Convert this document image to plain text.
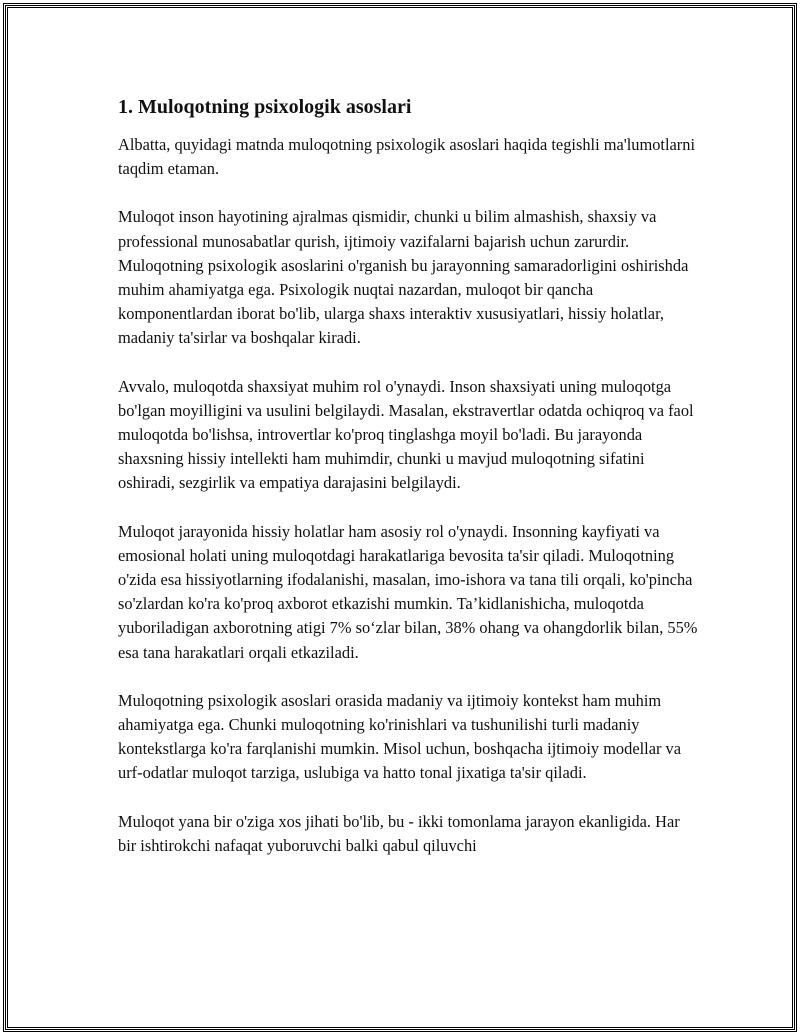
1. Muloqotning psixologik asoslari

Albatta, quyidagi matnda muloqotning psixologik asoslari haqida tegishli ma'lumotlarni taqdim etaman.

Muloqot inson hayotining ajralmas qismidir, chunki u bilim almashish, shaxsiy va professional munosabatlar qurish, ijtimoiy vazifalarni bajarish uchun zarurdir. Muloqotning psixologik asoslarini o'rganish bu jarayonning samaradorligini oshirishda muhim ahamiyatga ega. Psixologik nuqtai nazardan, muloqot bir qancha komponentlardan iborat bo'lib, ularga shaxs interaktiv xususiyatlari, hissiy holatlar, madaniy ta'sirlar va boshqalar kiradi.

Avvalo, muloqotda shaxsiyat muhim rol o'ynaydi. Inson shaxsiyati uning muloqotga bo'lgan moyilligini va usulini belgilaydi. Masalan, ekstravertlar odatda ochiqroq va faol muloqotda bo'lishsa, introvertlar ko'proq tinglashga moyil bo'ladi. Bu jarayonda shaxsning hissiy intellekti ham muhimdir, chunki u mavjud muloqotning sifatini oshiradi, sezgirlik va empatiya darajasini belgilaydi.

Muloqot jarayonida hissiy holatlar ham asosiy rol o'ynaydi. Insonning kayfiyati va emosional holati uning muloqotdagi harakatlariga bevosita ta'sir qiladi. Muloqotning o'zida esa hissiyotlarning ifodalanishi, masalan, imo-ishora va tana tili orqali, ko'pincha so'zlardan ko'ra ko'proq axborot etkazishi mumkin. Ta’kidlanishicha, muloqotda yuboriladigan axborotning atigi 7% so‘zlar bilan, 38% ohang va ohangdorlik bilan, 55% esa tana harakatlari orqali etkaziladi.

Muloqotning psixologik asoslari orasida madaniy va ijtimoiy kontekst ham muhim ahamiyatga ega. Chunki muloqotning ko'rinishlari va tushunilishi turli madaniy kontekstlarga ko'ra farqlanishi mumkin. Misol uchun, boshqacha ijtimoiy modellar va urf-odatlar muloqot tarziga, uslubiga va hatto tonal jixatiga ta'sir qiladi.

Muloqot yana bir o'ziga xos jihati bo'lib, bu - ikki tomonlama jarayon ekanligida. Har bir ishtirokchi nafaqat yuboruvchi balki qabul qiluvchi
